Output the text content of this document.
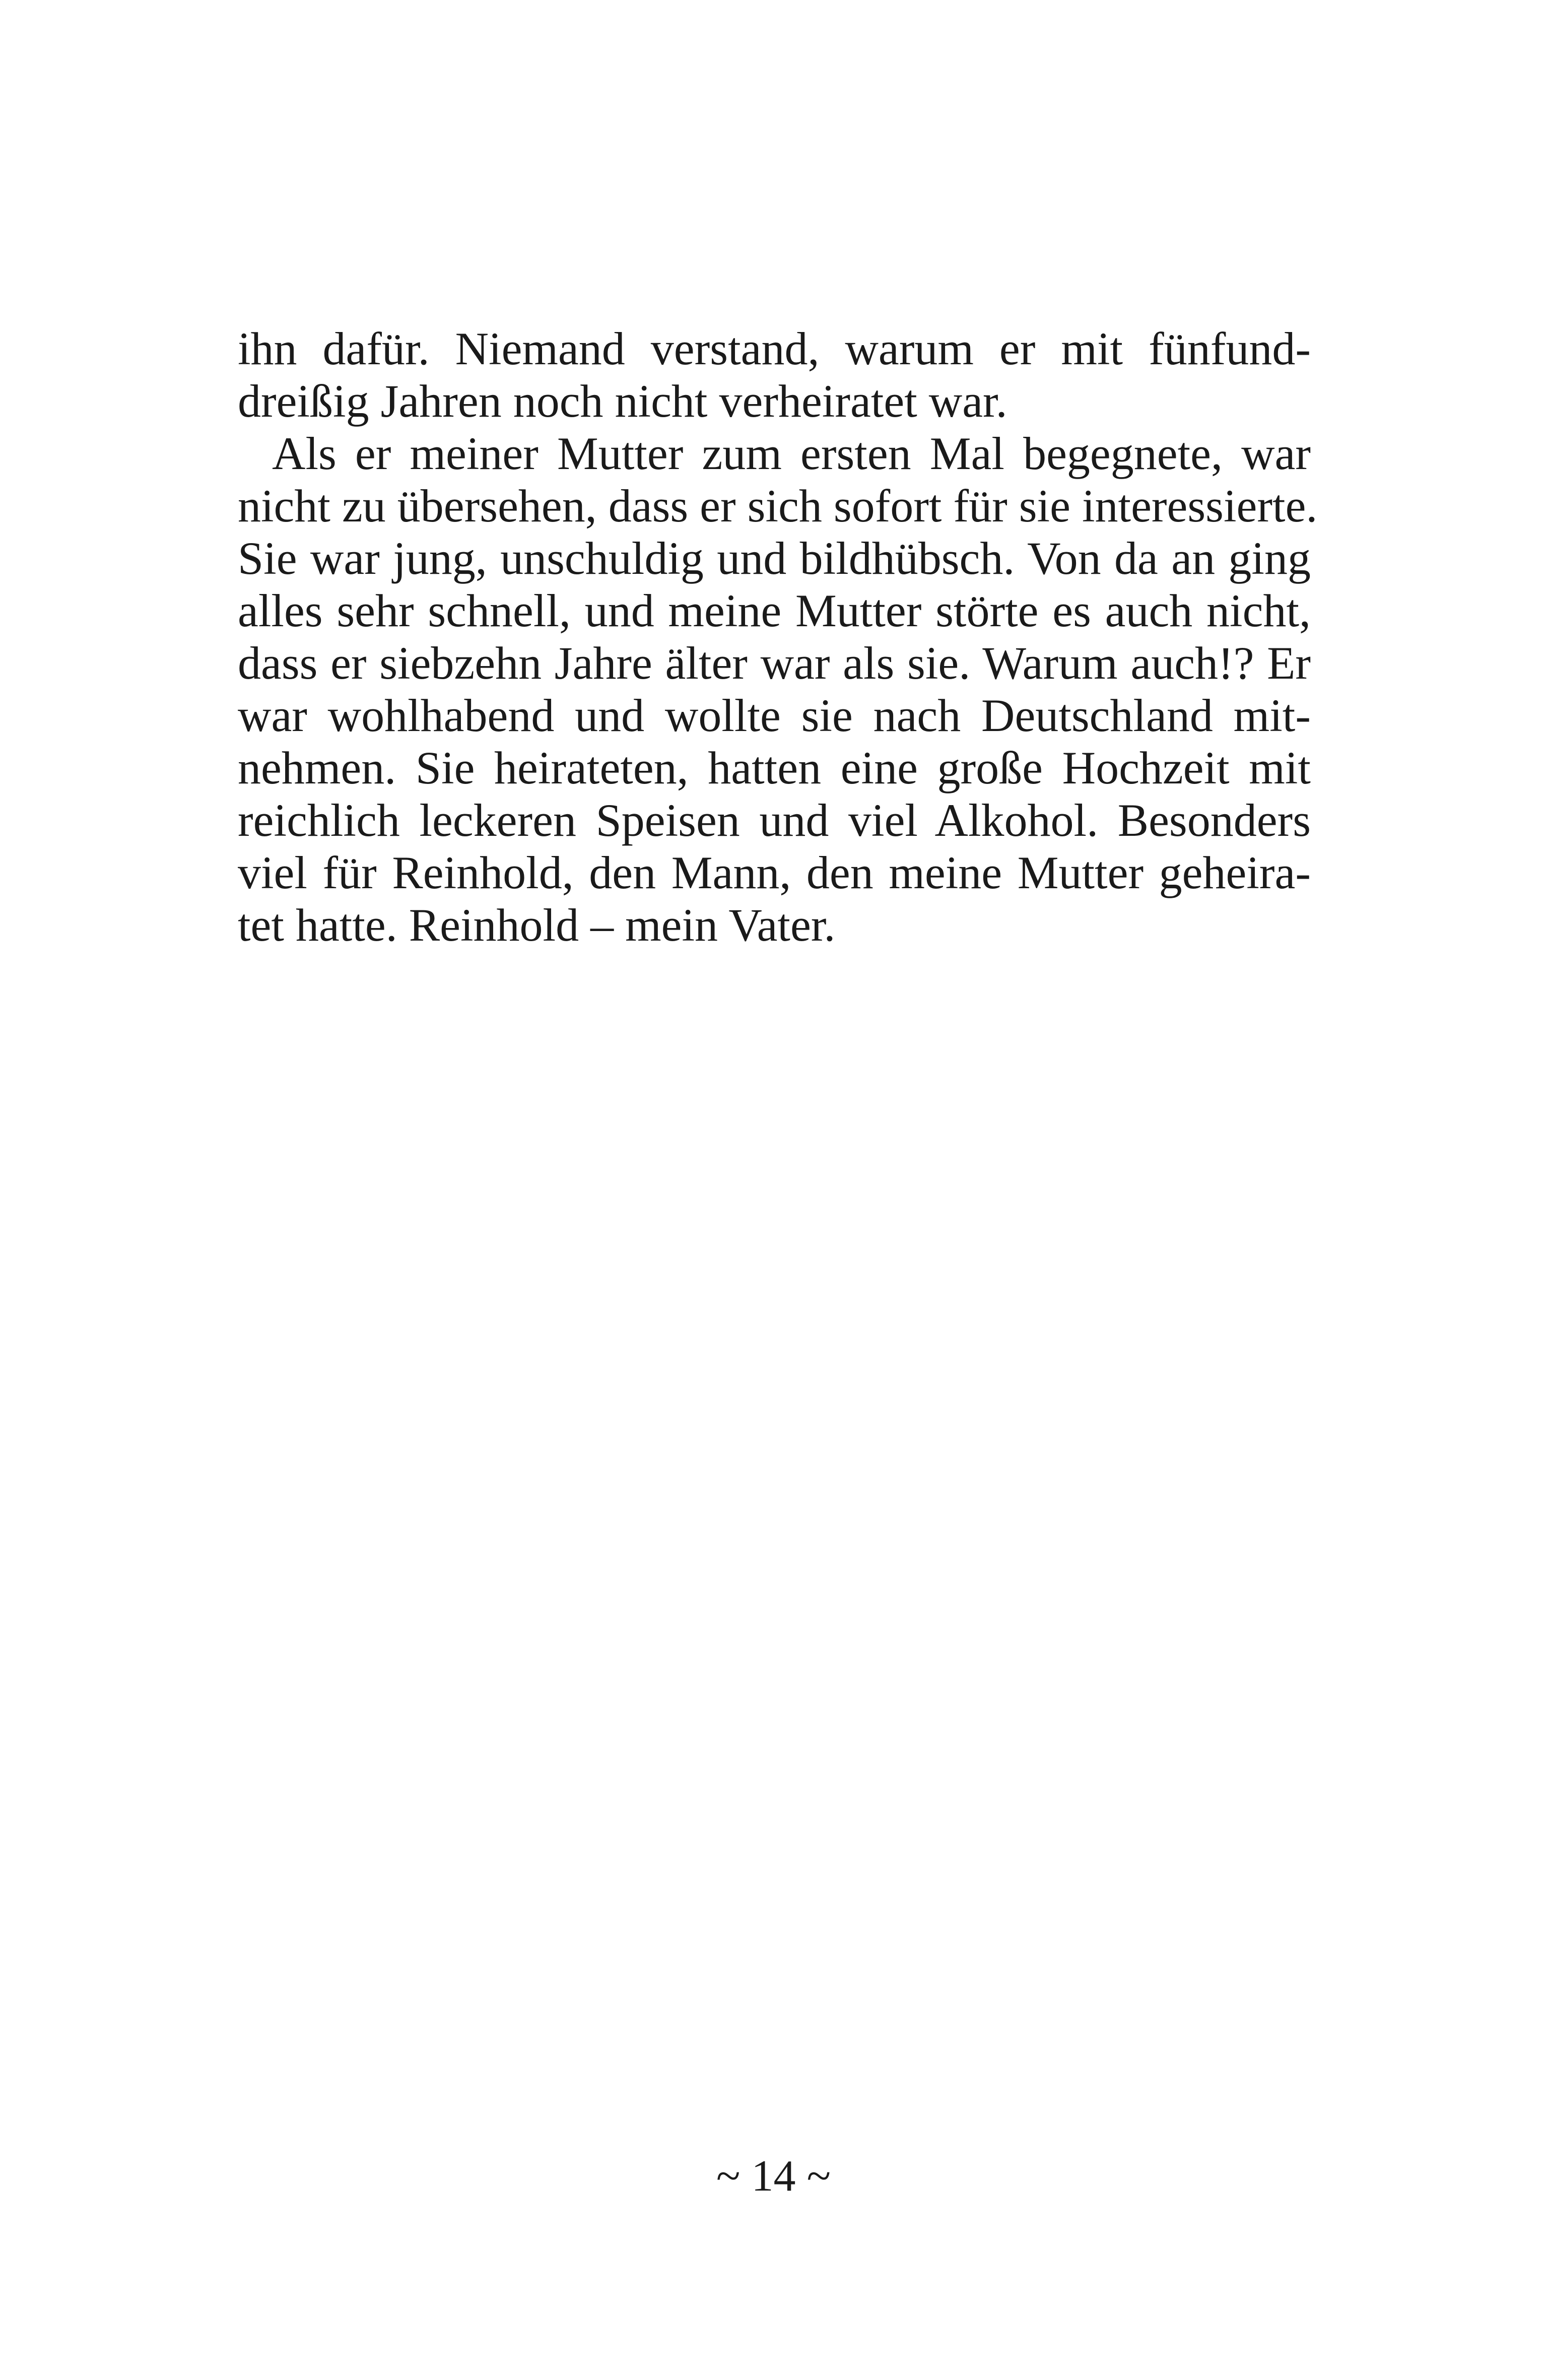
ihn dafür. Niemand verstand, warum er mit fünfund-
dreißig Jahren noch nicht verheiratet war.
Als er meiner Mutter zum ersten Mal begegnete, war
nicht zu übersehen, dass er sich sofort für sie interessierte.
Sie war jung, unschuldig und bildhübsch. Von da an ging
alles sehr schnell, und meine Mutter störte es auch nicht,
dass er siebzehn Jahre älter war als sie. Warum auch!? Er
war wohlhabend und wollte sie nach Deutschland mit-
nehmen. Sie heirateten, hatten eine große Hochzeit mit
reichlich leckeren Speisen und viel Alkohol. Besonders
viel für Reinhold, den Mann, den meine Mutter geheira-
tet hatte. Reinhold – mein Vater.
~ 14 ~
